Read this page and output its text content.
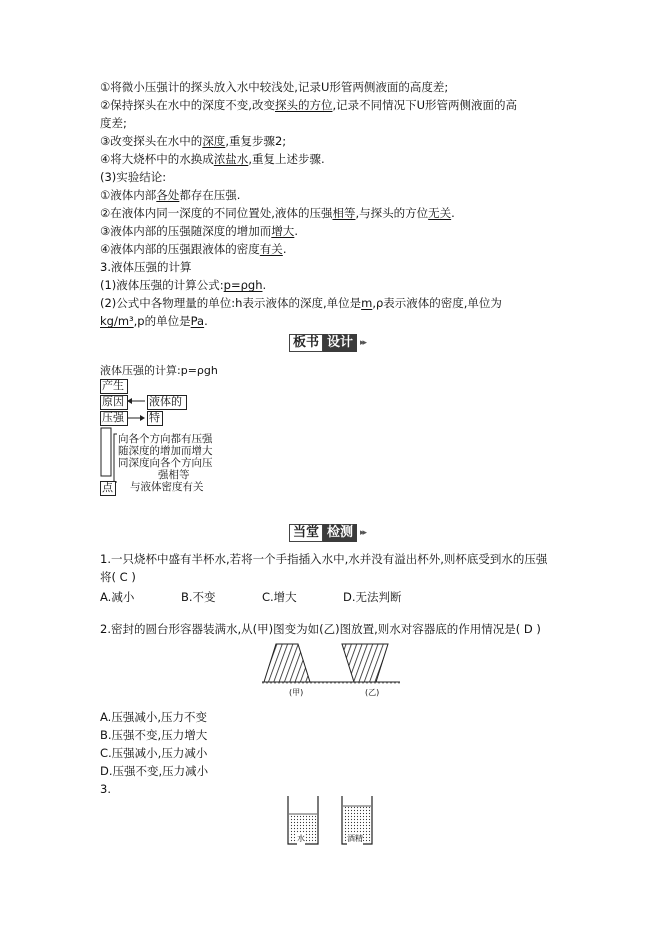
①将微小压强计的探头放入水中较浅处,记录U形管两侧液面的高度差;
②保持探头在水中的深度不变,改变探头的方位,记录不同情况下U形管两侧液面的高
度差;
③改变探头在水中的深度,重复步骤2;
④将大烧杯中的水换成浓盐水,重复上述步骤.
(3)实验结论:
①液体内部各处都存在压强.
②在液体内同一深度的不同位置处,液体的压强相等,与探头的方位无关.
③液体内部的压强随深度的增加而增大.
④液体内部的压强跟液体的密度有关.
3.液体压强的计算
(1)液体压强的计算公式:p=ρgh.
(2)公式中各物理量的单位:h表示液体的深度,单位是m,ρ表示液体的密度,单位为
kg/m³,p的单位是Pa.
板书 设计 ▸▸
液体压强的计算:p=ρgh
产生
原因	液体的
压强	特
点
向各个方向都有压强
随深度的增加而增大
同深度向各个方向压
强相等
与液体密度有关
当堂 检测 ▸▸
1.一只烧杯中盛有半杯水,若将一个手指插入水中,水并没有溢出杯外,则杯底受到水的压强
将( C )
A.减小	B.不变	C.增大	D.无法判断
2.密封的圆台形容器装满水,从(甲)图变为如(乙)图放置,则水对容器底的作用情况是( D )
(甲)	(乙)
A.压强减小,压力不变
B.压强不变,压力增大
C.压强减小,压力减小
D.压强不变,压力减小
3.
水	酒精
